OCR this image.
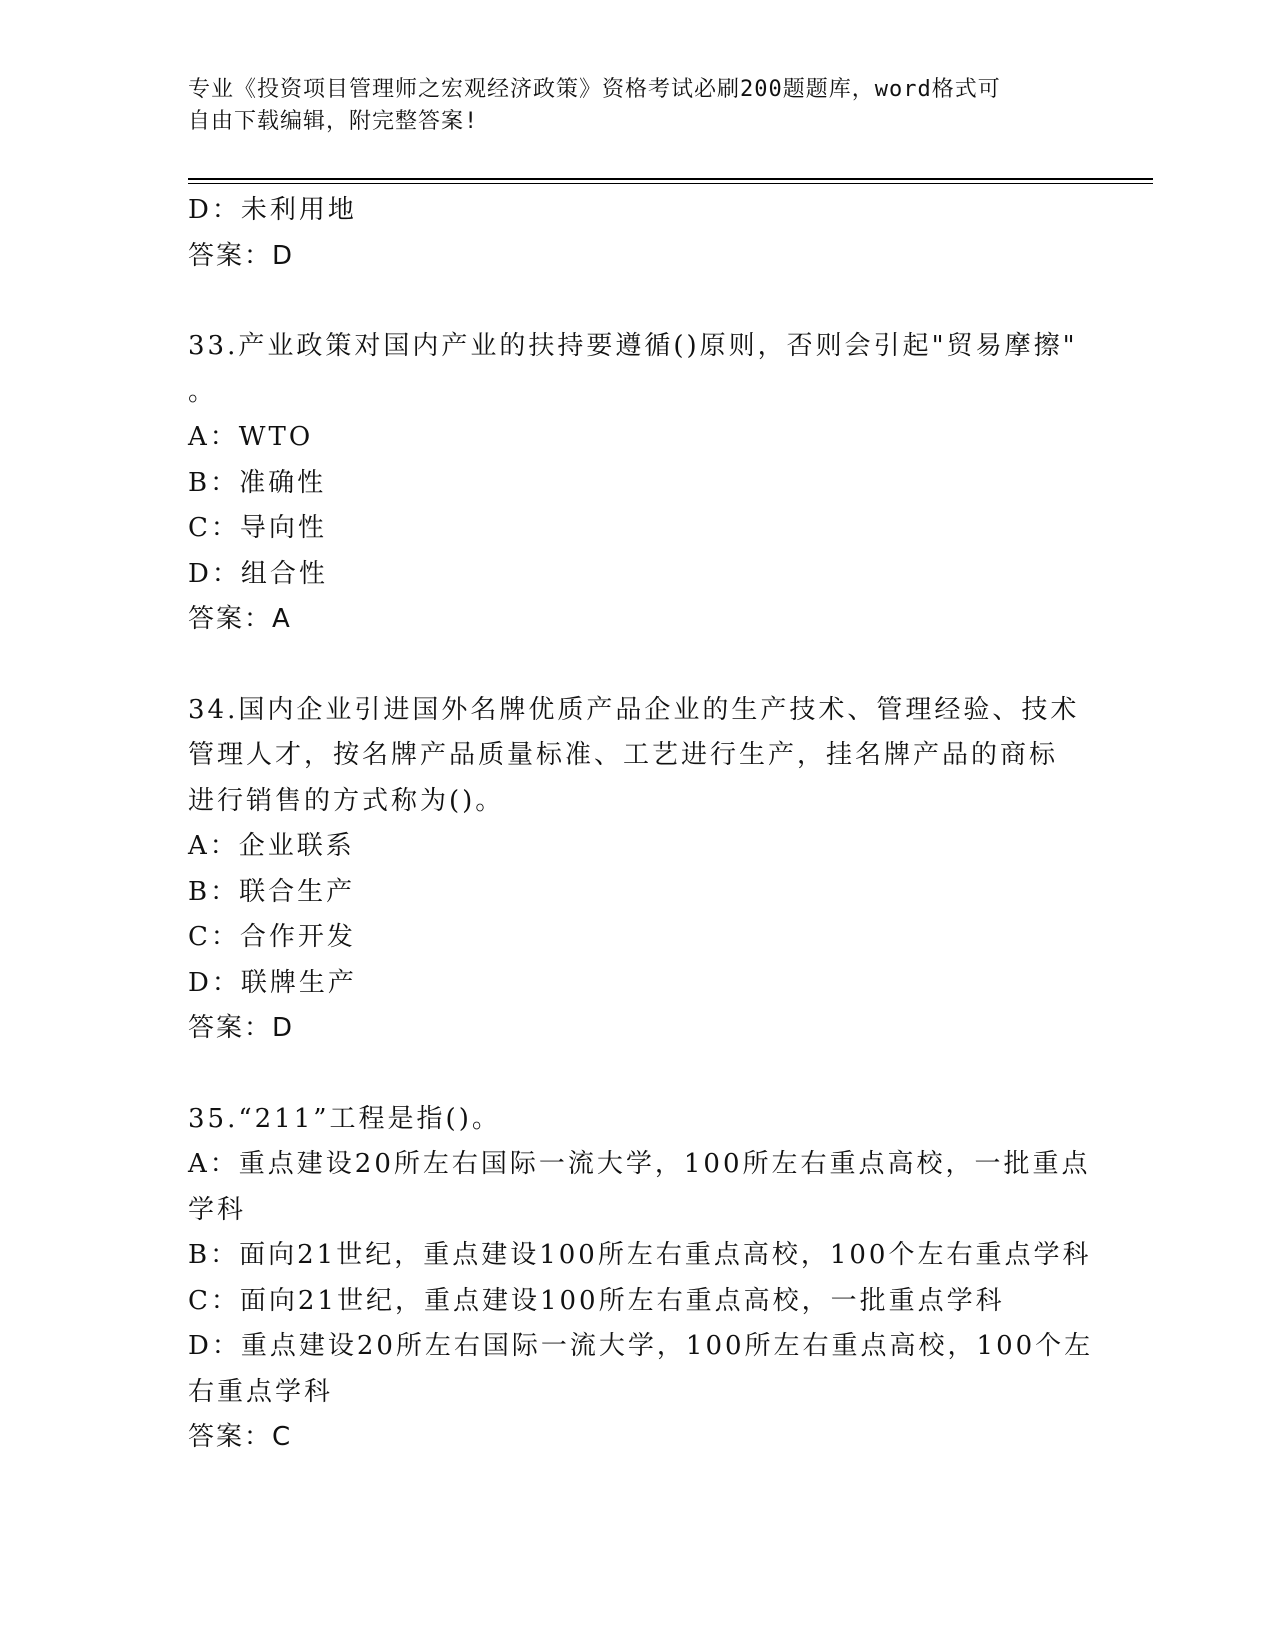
专业《投资项目管理师之宏观经济政策》资格考试必刷200题题库，word格式可
自由下载编辑，附完整答案!
D：未利用地
答案：D
33.产业政策对国内产业的扶持要遵循()原则，否则会引起"贸易摩擦"
。
A：WTO
B：准确性
C：导向性
D：组合性
答案：A
34.国内企业引进国外名牌优质产品企业的生产技术、管理经验、技术
管理人才，按名牌产品质量标准、工艺进行生产，挂名牌产品的商标
进行销售的方式称为()。
A：企业联系
B：联合生产
C：合作开发
D：联牌生产
答案：D
35.“211”工程是指()。
A：重点建设20所左右国际一流大学，100所左右重点高校，一批重点
学科
B：面向21世纪，重点建设100所左右重点高校，100个左右重点学科
C：面向21世纪，重点建设100所左右重点高校，一批重点学科
D：重点建设20所左右国际一流大学，100所左右重点高校，100个左
右重点学科
答案：C
